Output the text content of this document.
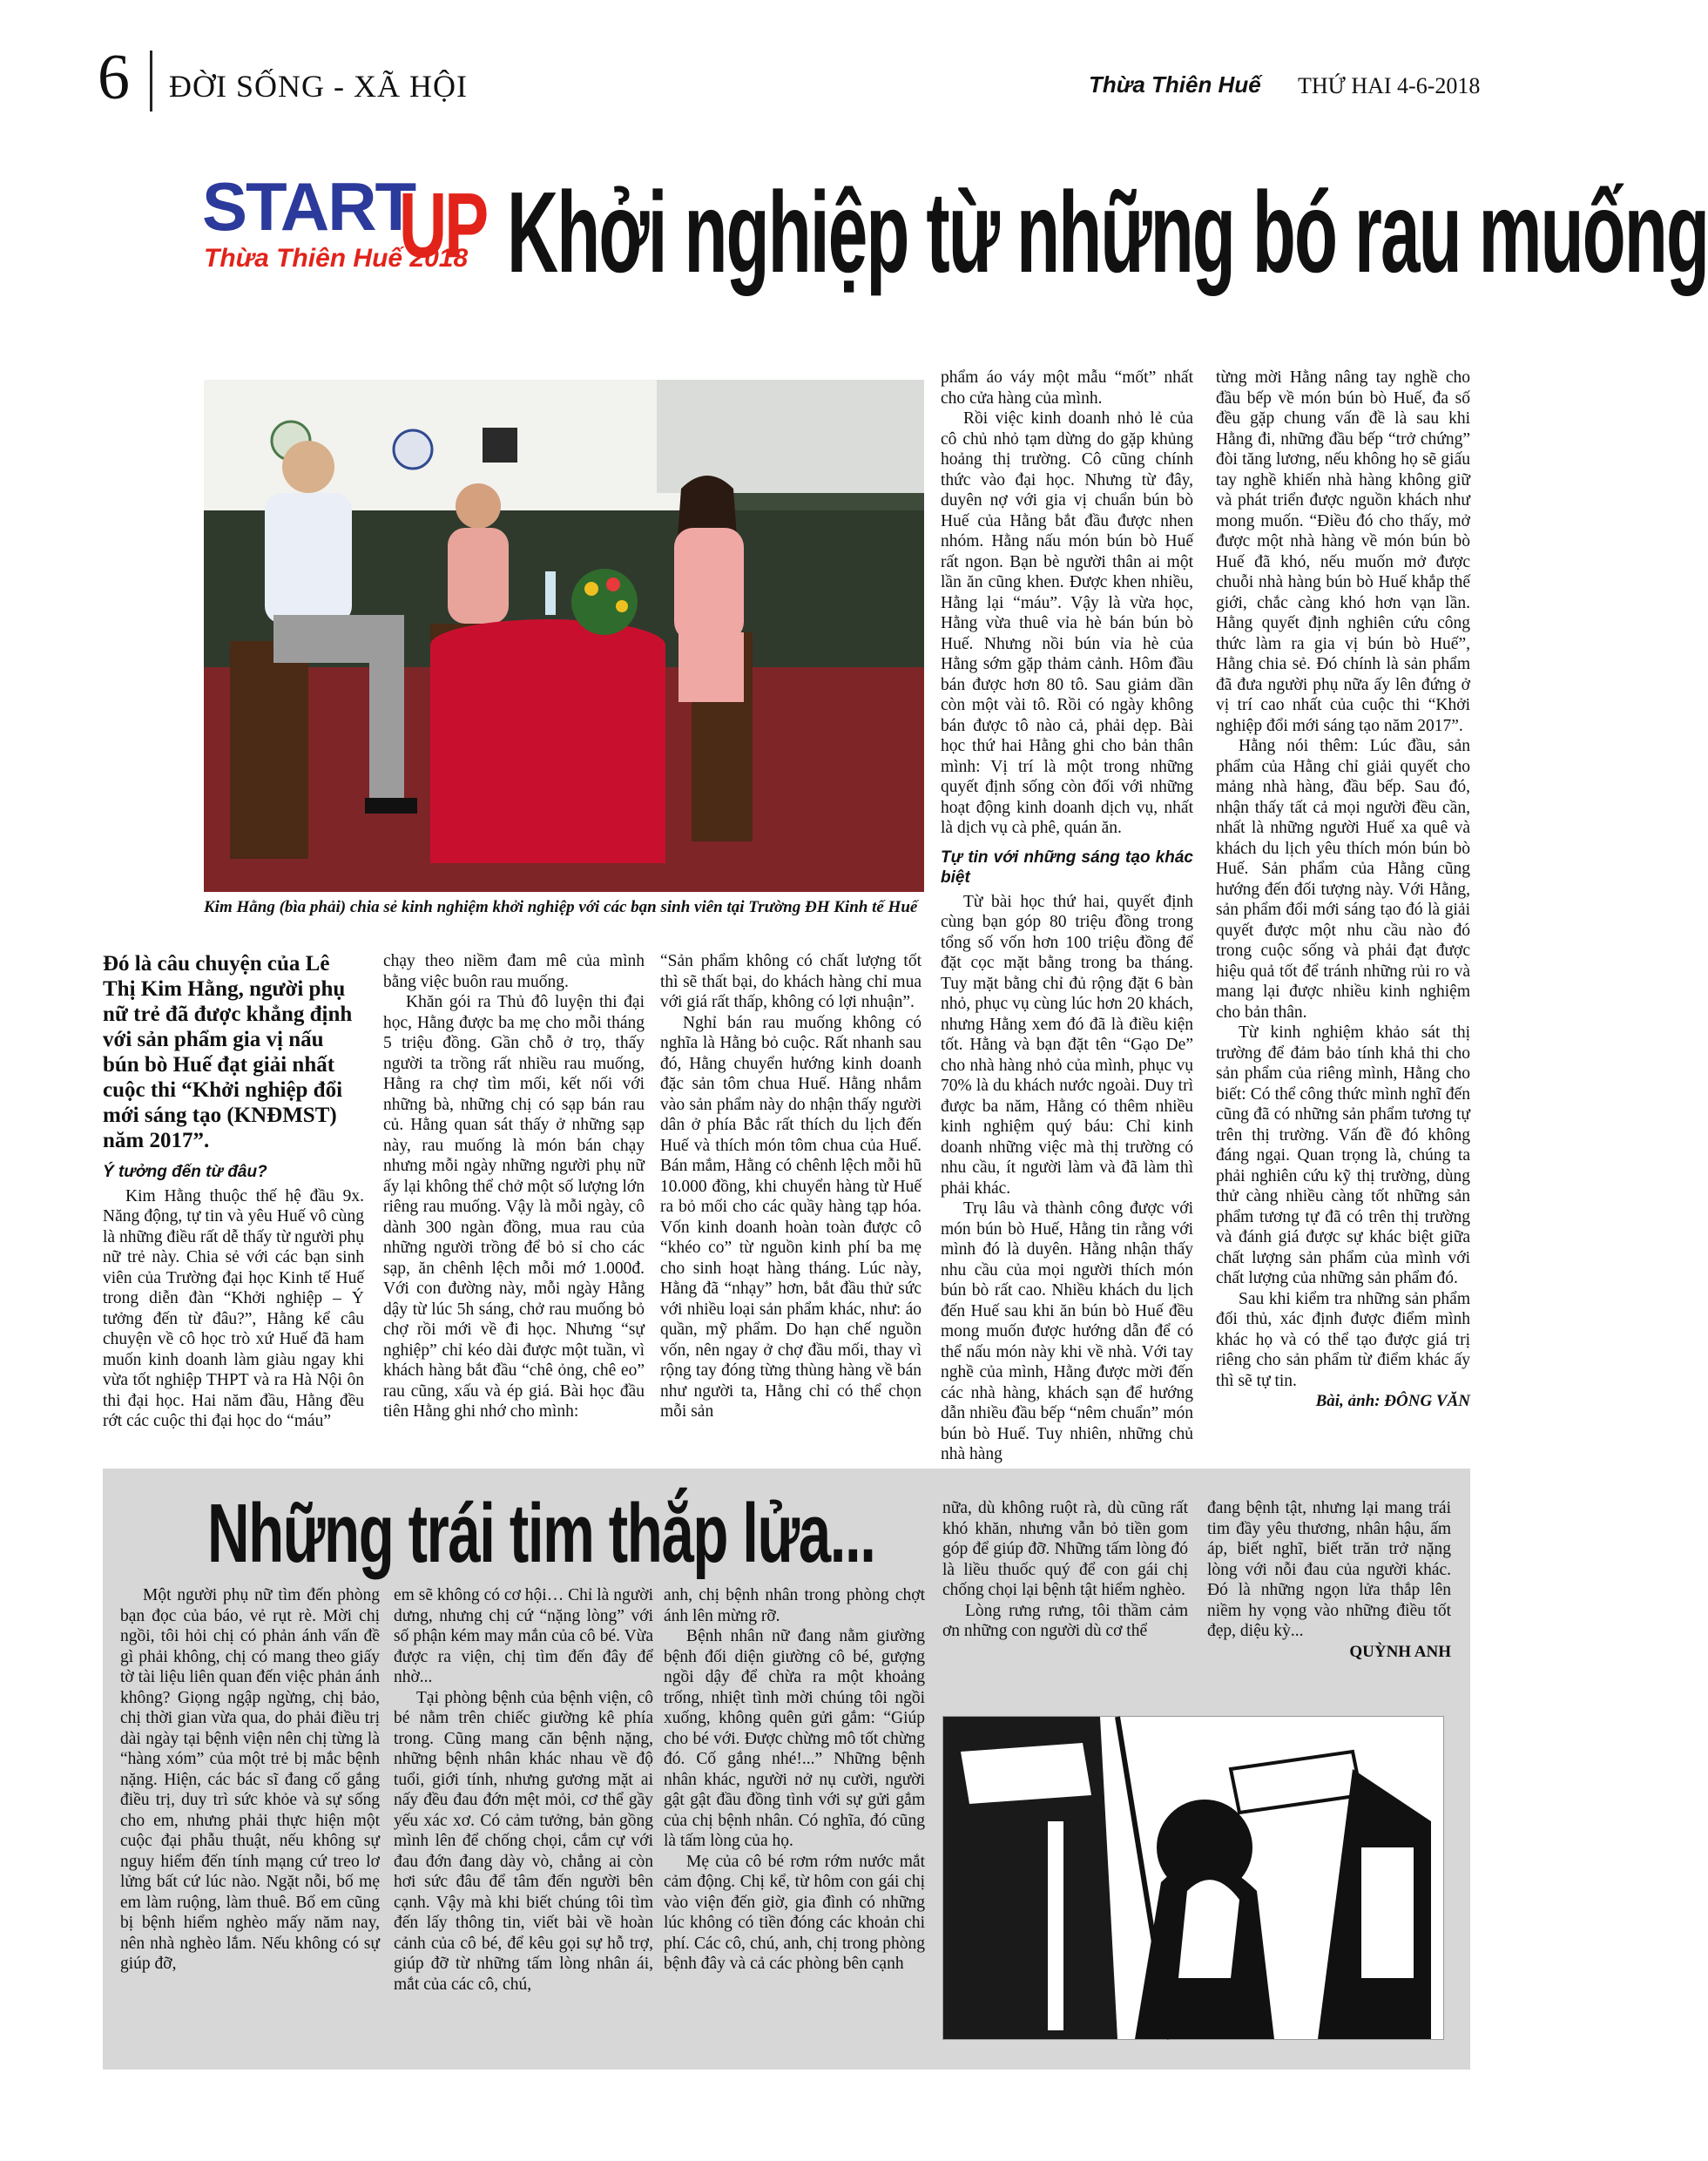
6 ĐỜI SỐNG - XÃ HỘI	Thừa Thiên Huế THỨ HAI 4-6-2018
START
UP
Thừa Thiên Huế 2018 Khởi nghiệp từ những bó rau muống
Kim Hằng (bìa phải) chia sẻ kinh nghiệm khởi nghiệp với các bạn sinh viên tại Trường ĐH Kinh tế Huế

Đó là câu chuyện của Lê Thị Kim Hằng, người phụ nữ trẻ đã được khẳng định với sản phẩm gia vị nấu bún bò Huế đạt giải nhất cuộc thi “Khởi nghiệp đổi mới sáng tạo (KNĐMST) năm 2017”.

Ý tưởng đến từ đâu?

Kim Hằng thuộc thế hệ đầu 9x. Năng động, tự tin và yêu Huế vô cùng là những điều rất dễ thấy từ người phụ nữ trẻ này. Chia sẻ với các bạn sinh viên của Trường đại học Kinh tế Huế trong diễn đàn “Khởi nghiệp – Ý tưởng đến từ đâu?”, Hằng kể câu chuyện về cô học trò xứ Huế đã ham muốn kinh doanh làm giàu ngay khi vừa tốt nghiệp THPT và ra Hà Nội ôn thi đại học. Hai năm đầu, Hằng đều rớt các cuộc thi đại học do “máu”

chạy theo niềm đam mê của mình bằng việc buôn rau muống.

Khăn gói ra Thủ đô luyện thi đại học, Hằng được ba mẹ cho mỗi tháng 5 triệu đồng. Gần chỗ ở trọ, thấy người ta trồng rất nhiều rau muống, Hằng ra chợ tìm mối, kết nối với những bà, những chị có sạp bán rau củ. Hằng quan sát thấy ở những sạp này, rau muống là món bán chạy nhưng mỗi ngày những người phụ nữ ấy lại không thể chở một số lượng lớn riêng rau muống. Vậy là mỗi ngày, cô dành 300 ngàn đồng, mua rau của những người trồng để bỏ sỉ cho các sạp, ăn chênh lệch mỗi mớ 1.000đ. Với con đường này, mỗi ngày Hằng dậy từ lúc 5h sáng, chở rau muống bỏ chợ rồi mới về đi học. Nhưng “sự nghiệp” chỉ kéo dài được một tuần, vì khách hàng bắt đầu “chê ỏng, chê eo” rau cũng, xấu và ép giá. Bài học đầu tiên Hằng ghi nhớ cho mình:

“Sản phẩm không có chất lượng tốt thì sẽ thất bại, do khách hàng chỉ mua với giá rất thấp, không có lợi nhuận”.

Nghỉ bán rau muống không có nghĩa là Hằng bỏ cuộc. Rất nhanh sau đó, Hằng chuyển hướng kinh doanh đặc sản tôm chua Huế. Hằng nhắm vào sản phẩm này do nhận thấy người dân ở phía Bắc rất thích du lịch đến Huế và thích món tôm chua của Huế. Bán mắm, Hằng có chênh lệch mỗi hũ 10.000 đồng, khi chuyển hàng từ Huế ra bỏ mối cho các quầy hàng tạp hóa. Vốn kinh doanh hoàn toàn được cô “khéo co” từ nguồn kinh phí ba mẹ cho sinh hoạt hàng tháng. Lúc này, Hằng đã “nhạy” hơn, bắt đầu thử sức với nhiều loại sản phẩm khác, như: áo quần, mỹ phẩm. Do hạn chế nguồn vốn, nên ngay ở chợ đầu mối, thay vì rộng tay đóng từng thùng hàng về bán như người ta, Hằng chỉ có thể chọn mỗi sản

phẩm áo váy một mẫu “mốt” nhất cho cửa hàng của mình.

Rồi việc kinh doanh nhỏ lẻ của cô chủ nhỏ tạm dừng do gặp khủng hoảng thị trường. Cô cũng chính thức vào đại học. Nhưng từ đây, duyên nợ với gia vị chuẩn bún bò Huế của Hằng bắt đầu được nhen nhóm. Hằng nấu món bún bò Huế rất ngon. Bạn bè người thân ai một lần ăn cũng khen. Được khen nhiều, Hằng lại “máu”. Vậy là vừa học, Hằng vừa thuê vỉa hè bán bún bò Huế. Nhưng nồi bún vỉa hè của Hằng sớm gặp thảm cảnh. Hôm đầu bán được hơn 80 tô. Sau giảm dần còn một vài tô. Rồi có ngày không bán được tô nào cả, phải dẹp. Bài học thứ hai Hằng ghi cho bản thân mình: Vị trí là một trong những quyết định sống còn đối với những hoạt động kinh doanh dịch vụ, nhất là dịch vụ cà phê, quán ăn.

Tự tin với những sáng tạo khác biệt

Từ bài học thứ hai, quyết định cùng bạn góp 80 triệu đồng trong tổng số vốn hơn 100 triệu đồng để đặt cọc mặt bằng trong ba tháng. Tuy mặt bằng chỉ đủ rộng đặt 6 bàn nhỏ, phục vụ cùng lúc hơn 20 khách, nhưng Hằng xem đó đã là điều kiện tốt. Hằng và bạn đặt tên “Gạo De” cho nhà hàng nhỏ của mình, phục vụ 70% là du khách nước ngoài. Duy trì được ba năm, Hằng có thêm nhiều kinh nghiệm quý báu: Chỉ kinh doanh những việc mà thị trường có nhu cầu, ít người làm và đã làm thì phải khác.

Trụ lâu và thành công được với món bún bò Huế, Hằng tin rằng với mình đó là duyên. Hằng nhận thấy nhu cầu của mọi người thích món bún bò rất cao. Nhiều khách du lịch đến Huế sau khi ăn bún bò Huế đều mong muốn được hướng dẫn để có thể nấu món này khi về nhà. Với tay nghề của mình, Hằng được mời đến các nhà hàng, khách sạn để hướng dẫn nhiều đầu bếp “nêm chuẩn” món bún bò Huế. Tuy nhiên, những chủ nhà hàng

từng mời Hằng nâng tay nghề cho đầu bếp về món bún bò Huế, đa số đều gặp chung vấn đề là sau khi Hằng đi, những đầu bếp “trở chứng” đòi tăng lương, nếu không họ sẽ giấu tay nghề khiến nhà hàng không giữ và phát triển được nguồn khách như mong muốn. “Điều đó cho thấy, mở được một nhà hàng về món bún bò Huế đã khó, nếu muốn mở được chuỗi nhà hàng bún bò Huế khắp thế giới, chắc càng khó hơn vạn lần. Hằng quyết định nghiên cứu công thức làm ra gia vị bún bò Huế”, Hằng chia sẻ. Đó chính là sản phẩm đã đưa người phụ nữa ấy lên đứng ở vị trí cao nhất của cuộc thi “Khởi nghiệp đổi mới sáng tạo năm 2017”.

Hằng nói thêm: Lúc đầu, sản phẩm của Hằng chỉ giải quyết cho mảng nhà hàng, đầu bếp. Sau đó, nhận thấy tất cả mọi người đều cần, nhất là những người Huế xa quê và khách du lịch yêu thích món bún bò Huế. Sản phẩm của Hằng cũng hướng đến đối tượng này. Với Hằng, sản phẩm đổi mới sáng tạo đó là giải quyết được một nhu cầu nào đó trong cuộc sống và phải đạt được hiệu quả tốt để tránh những rủi ro và mang lại được nhiều kinh nghiệm cho bản thân.

Từ kinh nghiệm khảo sát thị trường để đảm bảo tính khả thi cho sản phẩm của riêng mình, Hằng cho biết: Có thể công thức mình nghĩ đến cũng đã có những sản phẩm tương tự trên thị trường. Vấn đề đó không đáng ngại. Quan trọng là, chúng ta phải nghiên cứu kỹ thị trường, dùng thử càng nhiều càng tốt những sản phẩm tương tự đã có trên thị trường và đánh giá được sự khác biệt giữa chất lượng sản phẩm của mình với chất lượng của những sản phẩm đó.

Sau khi kiểm tra những sản phẩm đối thủ, xác định được điểm mình khác họ và có thể tạo được giá trị riêng cho sản phẩm từ điểm khác ấy thì sẽ tự tin.

Bài, ảnh: ĐÔNG VĂN
Những trái tim thắp lửa...

Một người phụ nữ tìm đến phòng bạn đọc của báo, vẻ rụt rè. Mời chị ngồi, tôi hỏi chị có phản ánh vấn đề gì phải không, chị có mang theo giấy tờ tài liệu liên quan đến việc phản ánh không? Giọng ngập ngừng, chị bảo, chị thời gian vừa qua, do phải điều trị dài ngày tại bệnh viện nên chị từng là “hàng xóm” của một trẻ bị mắc bệnh nặng. Hiện, các bác sĩ đang cố gắng điều trị, duy trì sức khỏe và sự sống cho em, nhưng phải thực hiện một cuộc đại phẫu thuật, nếu không sự nguy hiểm đến tính mạng cứ treo lơ lửng bất cứ lúc nào. Ngặt nỗi, bố mẹ em làm ruộng, làm thuê. Bố em cũng bị bệnh hiểm nghèo mấy năm nay, nên nhà nghèo lắm. Nếu không có sự giúp đỡ,

em sẽ không có cơ hội… Chỉ là người dưng, nhưng chị cứ “nặng lòng” với số phận kém may mắn của cô bé. Vừa được ra viện, chị tìm đến đây để nhờ...

Tại phòng bệnh của bệnh viện, cô bé nằm trên chiếc giường kê phía trong. Cũng mang căn bệnh nặng, những bệnh nhân khác nhau về độ tuổi, giới tính, nhưng gương mặt ai nấy đều đau đớn mệt mỏi, cơ thể gầy yếu xác xơ. Có cảm tưởng, bản gồng mình lên để chống chọi, cắm cự với đau đớn đang dày vò, chẳng ai còn hơi sức đâu để tâm đến người bên cạnh. Vậy mà khi biết chúng tôi tìm đến lấy thông tin, viết bài về hoàn cảnh của cô bé, để kêu gọi sự hỗ trợ, giúp đỡ từ những tấm lòng nhân ái, mắt của các cô, chú,

anh, chị bệnh nhân trong phòng chợt ánh lên mừng rỡ.

Bệnh nhân nữ đang nằm giường bệnh đối diện giường cô bé, gượng ngồi dậy để chừa ra một khoảng trống, nhiệt tình mời chúng tôi ngồi xuống, không quên gửi gắm: “Giúp cho bé với. Được chừng mô tốt chừng đó. Cố gắng nhé!...” Những bệnh nhân khác, người nở nụ cười, người gật gật đầu đồng tình với sự gửi gắm của chị bệnh nhân. Có nghĩa, đó cũng là tấm lòng của họ.

Mẹ của cô bé rơm rớm nước mắt cảm động. Chị kể, từ hôm con gái chị vào viện đến giờ, gia đình có những lúc không có tiền đóng các khoản chi phí. Các cô, chú, anh, chị trong phòng bệnh đây và cả các phòng bên cạnh

nữa, dù không ruột rà, dù cũng rất khó khăn, nhưng vẫn bỏ tiền gom góp để giúp đỡ. Những tấm lòng đó là liều thuốc quý để con gái chị chống chọi lại bệnh tật hiểm nghèo.

Lòng rưng rưng, tôi thầm cảm ơn những con người dù cơ thể

đang bệnh tật, nhưng lại mang trái tim đầy yêu thương, nhân hậu, ấm áp, biết nghĩ, biết trăn trở nặng lòng với nỗi đau của người khác. Đó là những ngọn lửa thắp lên niềm hy vọng vào những điều tốt đẹp, diệu kỳ...

QUỲNH ANH
